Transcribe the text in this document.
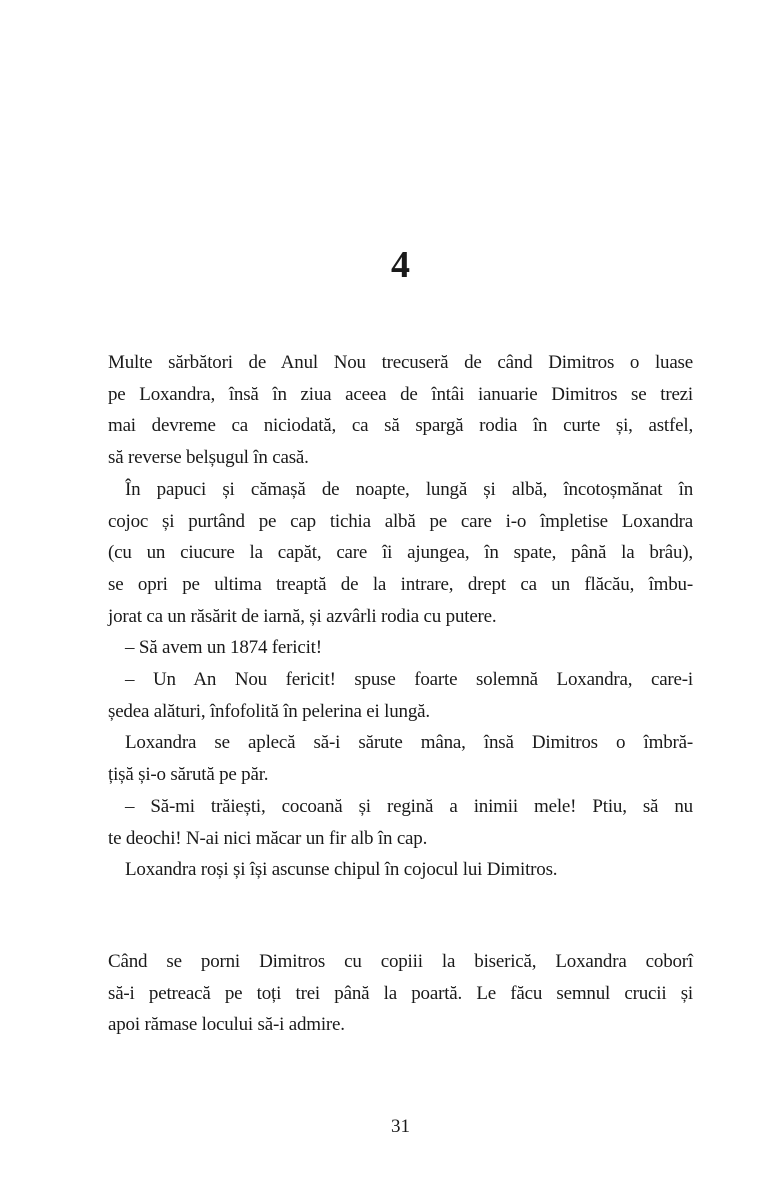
4
Multe sărbători de Anul Nou trecuseră de când Dimitros o luase
pe Loxandra, însă în ziua aceea de întâi ianuarie Dimitros se trezi
mai devreme ca niciodată, ca să spargă rodia în curte și, astfel,
să reverse belșugul în casă.
În papuci și cămașă de noapte, lungă și albă, încotoșmănat în
cojoc și purtând pe cap tichia albă pe care i-o împletise Loxandra
(cu un ciucure la capăt, care îi ajungea, în spate, până la brâu),
se opri pe ultima treaptă de la intrare, drept ca un flăcău, îmbu-
jorat ca un răsărit de iarnă, și azvârli rodia cu putere.
– Să avem un 1874 fericit!
– Un An Nou fericit! spuse foarte solemnă Loxandra, care-i
ședea alături, înfofolită în pelerina ei lungă.
Loxandra se aplecă să-i sărute mâna, însă Dimitros o îmbră-
țișă și-o sărută pe păr.
– Să-mi trăiești, cocoană și regină a inimii mele! Ptiu, să nu
te deochi! N-ai nici măcar un fir alb în cap.
Loxandra roși și își ascunse chipul în cojocul lui Dimitros.
Când se porni Dimitros cu copiii la biserică, Loxandra coborî
să-i petreacă pe toți trei până la poartă. Le făcu semnul crucii și
apoi rămase locului să-i admire.
31
